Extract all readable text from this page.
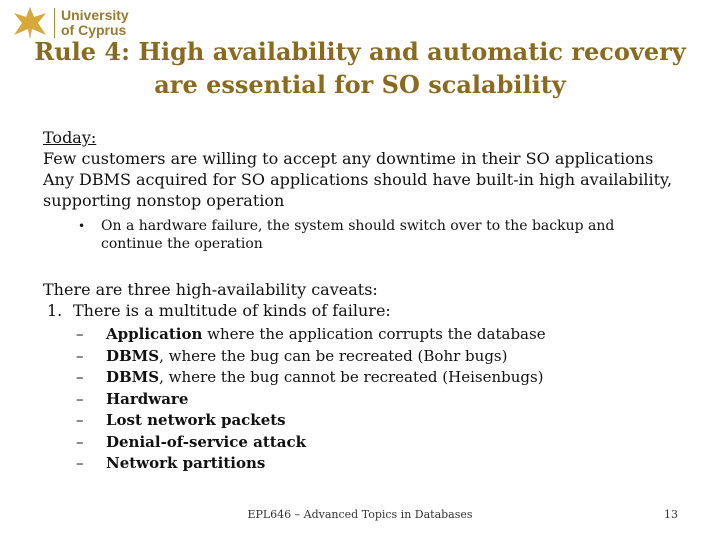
University
of Cyprus
Rule 4: High availability and automatic recovery
are essential for SO scalability

Today:

Few customers are willing to accept any downtime in their SO applications

Any DBMS acquired for SO applications should have built-in high availability, supporting nonstop operation

• On a hardware failure, the system should switch over to the backup and continue the operation

There are three high-availability caveats:

1. There is a multitude of kinds of failure:
– Application where the application corrupts the database
– DBMS, where the bug can be recreated (Bohr bugs)
– DBMS, where the bug cannot be recreated (Heisenbugs)
– Hardware
– Lost network packets
– Denial-of-service attack
– Network partitions
EPL646 – Advanced Topics in Databases	13
